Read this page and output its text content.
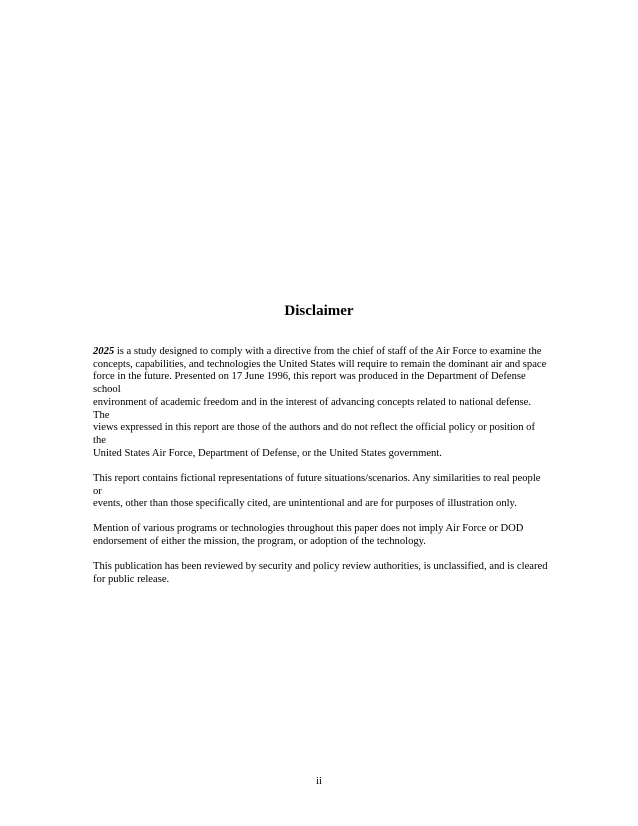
Disclaimer

2025 is a study designed to comply with a directive from the chief of staff of the Air Force to examine the
concepts, capabilities, and technologies the United States will require to remain the dominant air and space
force in the future. Presented on 17 June 1996, this report was produced in the Department of Defense school
environment of academic freedom and in the interest of advancing concepts related to national defense. The
views expressed in this report are those of the authors and do not reflect the official policy or position of the
United States Air Force, Department of Defense, or the United States government.

This report contains fictional representations of future situations/scenarios. Any similarities to real people or
events, other than those specifically cited, are unintentional and are for purposes of illustration only.

Mention of various programs or technologies throughout this paper does not imply Air Force or DOD
endorsement of either the mission, the program, or adoption of the technology.

This publication has been reviewed by security and policy review authorities, is unclassified, and is cleared
for public release.

ii
